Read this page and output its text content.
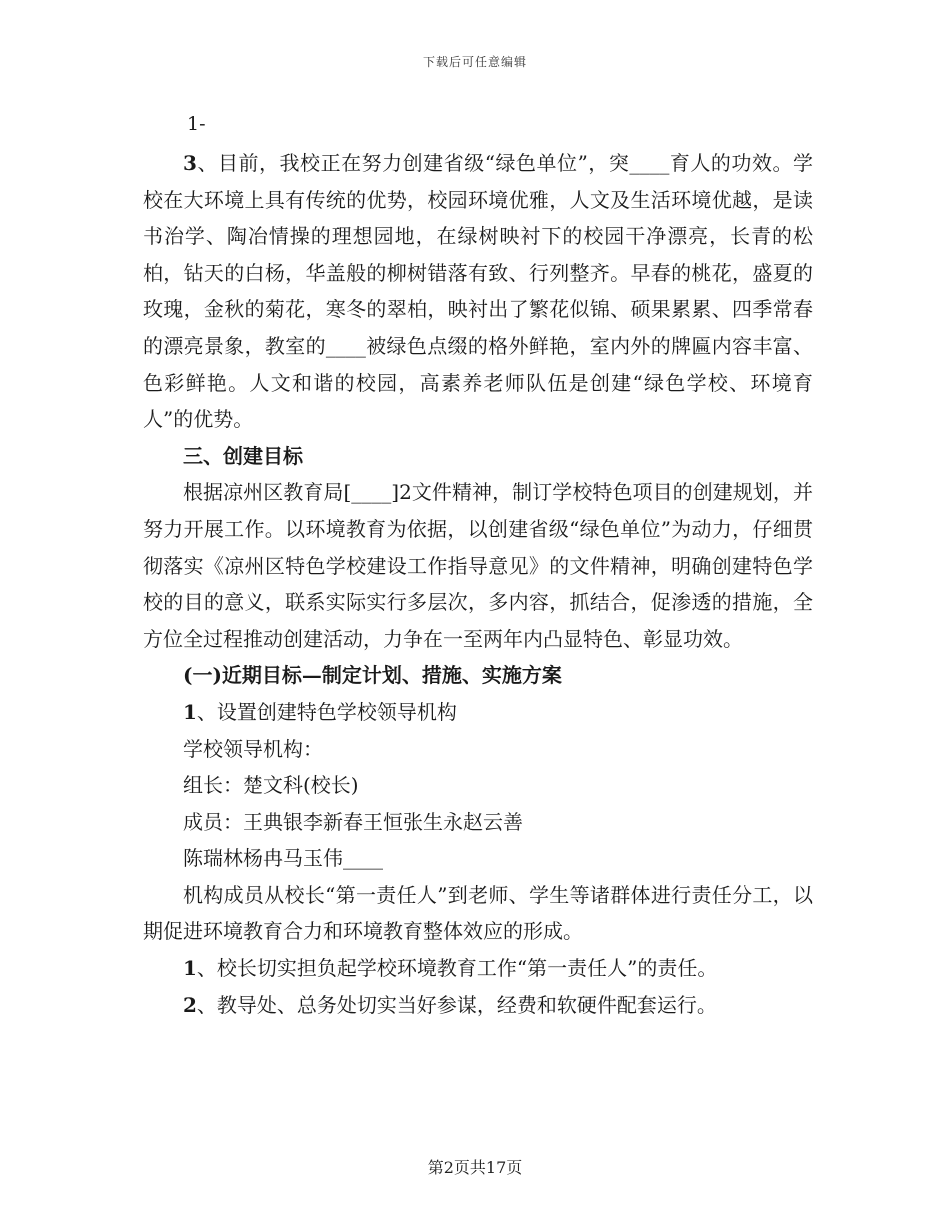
下载后可任意编辑
1-

3、目前，我校正在努力创建省级“绿色单位”，突____育人的功效。学校在大环境上具有传统的优势，校园环境优雅，人文及生活环境优越，是读书治学、陶冶情操的理想园地，在绿树映衬下的校园干净漂亮，长青的松柏，钻天的白杨，华盖般的柳树错落有致、行列整齐。早春的桃花，盛夏的玫瑰，金秋的菊花，寒冬的翠柏，映衬出了繁花似锦、硕果累累、四季常春的漂亮景象，教室的____被绿色点缀的格外鲜艳，室内外的牌匾内容丰富、色彩鲜艳。人文和谐的校园，高素养老师队伍是创建“绿色学校、环境育人”的优势。

三、创建目标

根据凉州区教育局[____]2文件精神，制订学校特色项目的创建规划，并努力开展工作。以环境教育为依据，以创建省级“绿色单位”为动力，仔细贯彻落实《凉州区特色学校建设工作指导意见》的文件精神，明确创建特色学校的目的意义，联系实际实行多层次，多内容，抓结合，促渗透的措施，全方位全过程推动创建活动，力争在一至两年内凸显特色、彰显功效。

(一)近期目标—制定计划、措施、实施方案

1、设置创建特色学校领导机构

学校领导机构：

组长：楚文科(校长)

成员：王典银李新春王恒张生永赵云善

陈瑞林杨冉马玉伟____

机构成员从校长“第一责任人”到老师、学生等诸群体进行责任分工，以期促进环境教育合力和环境教育整体效应的形成。

1、校长切实担负起学校环境教育工作“第一责任人”的责任。

2、教导处、总务处切实当好参谋，经费和软硬件配套运行。

第2页共17页
